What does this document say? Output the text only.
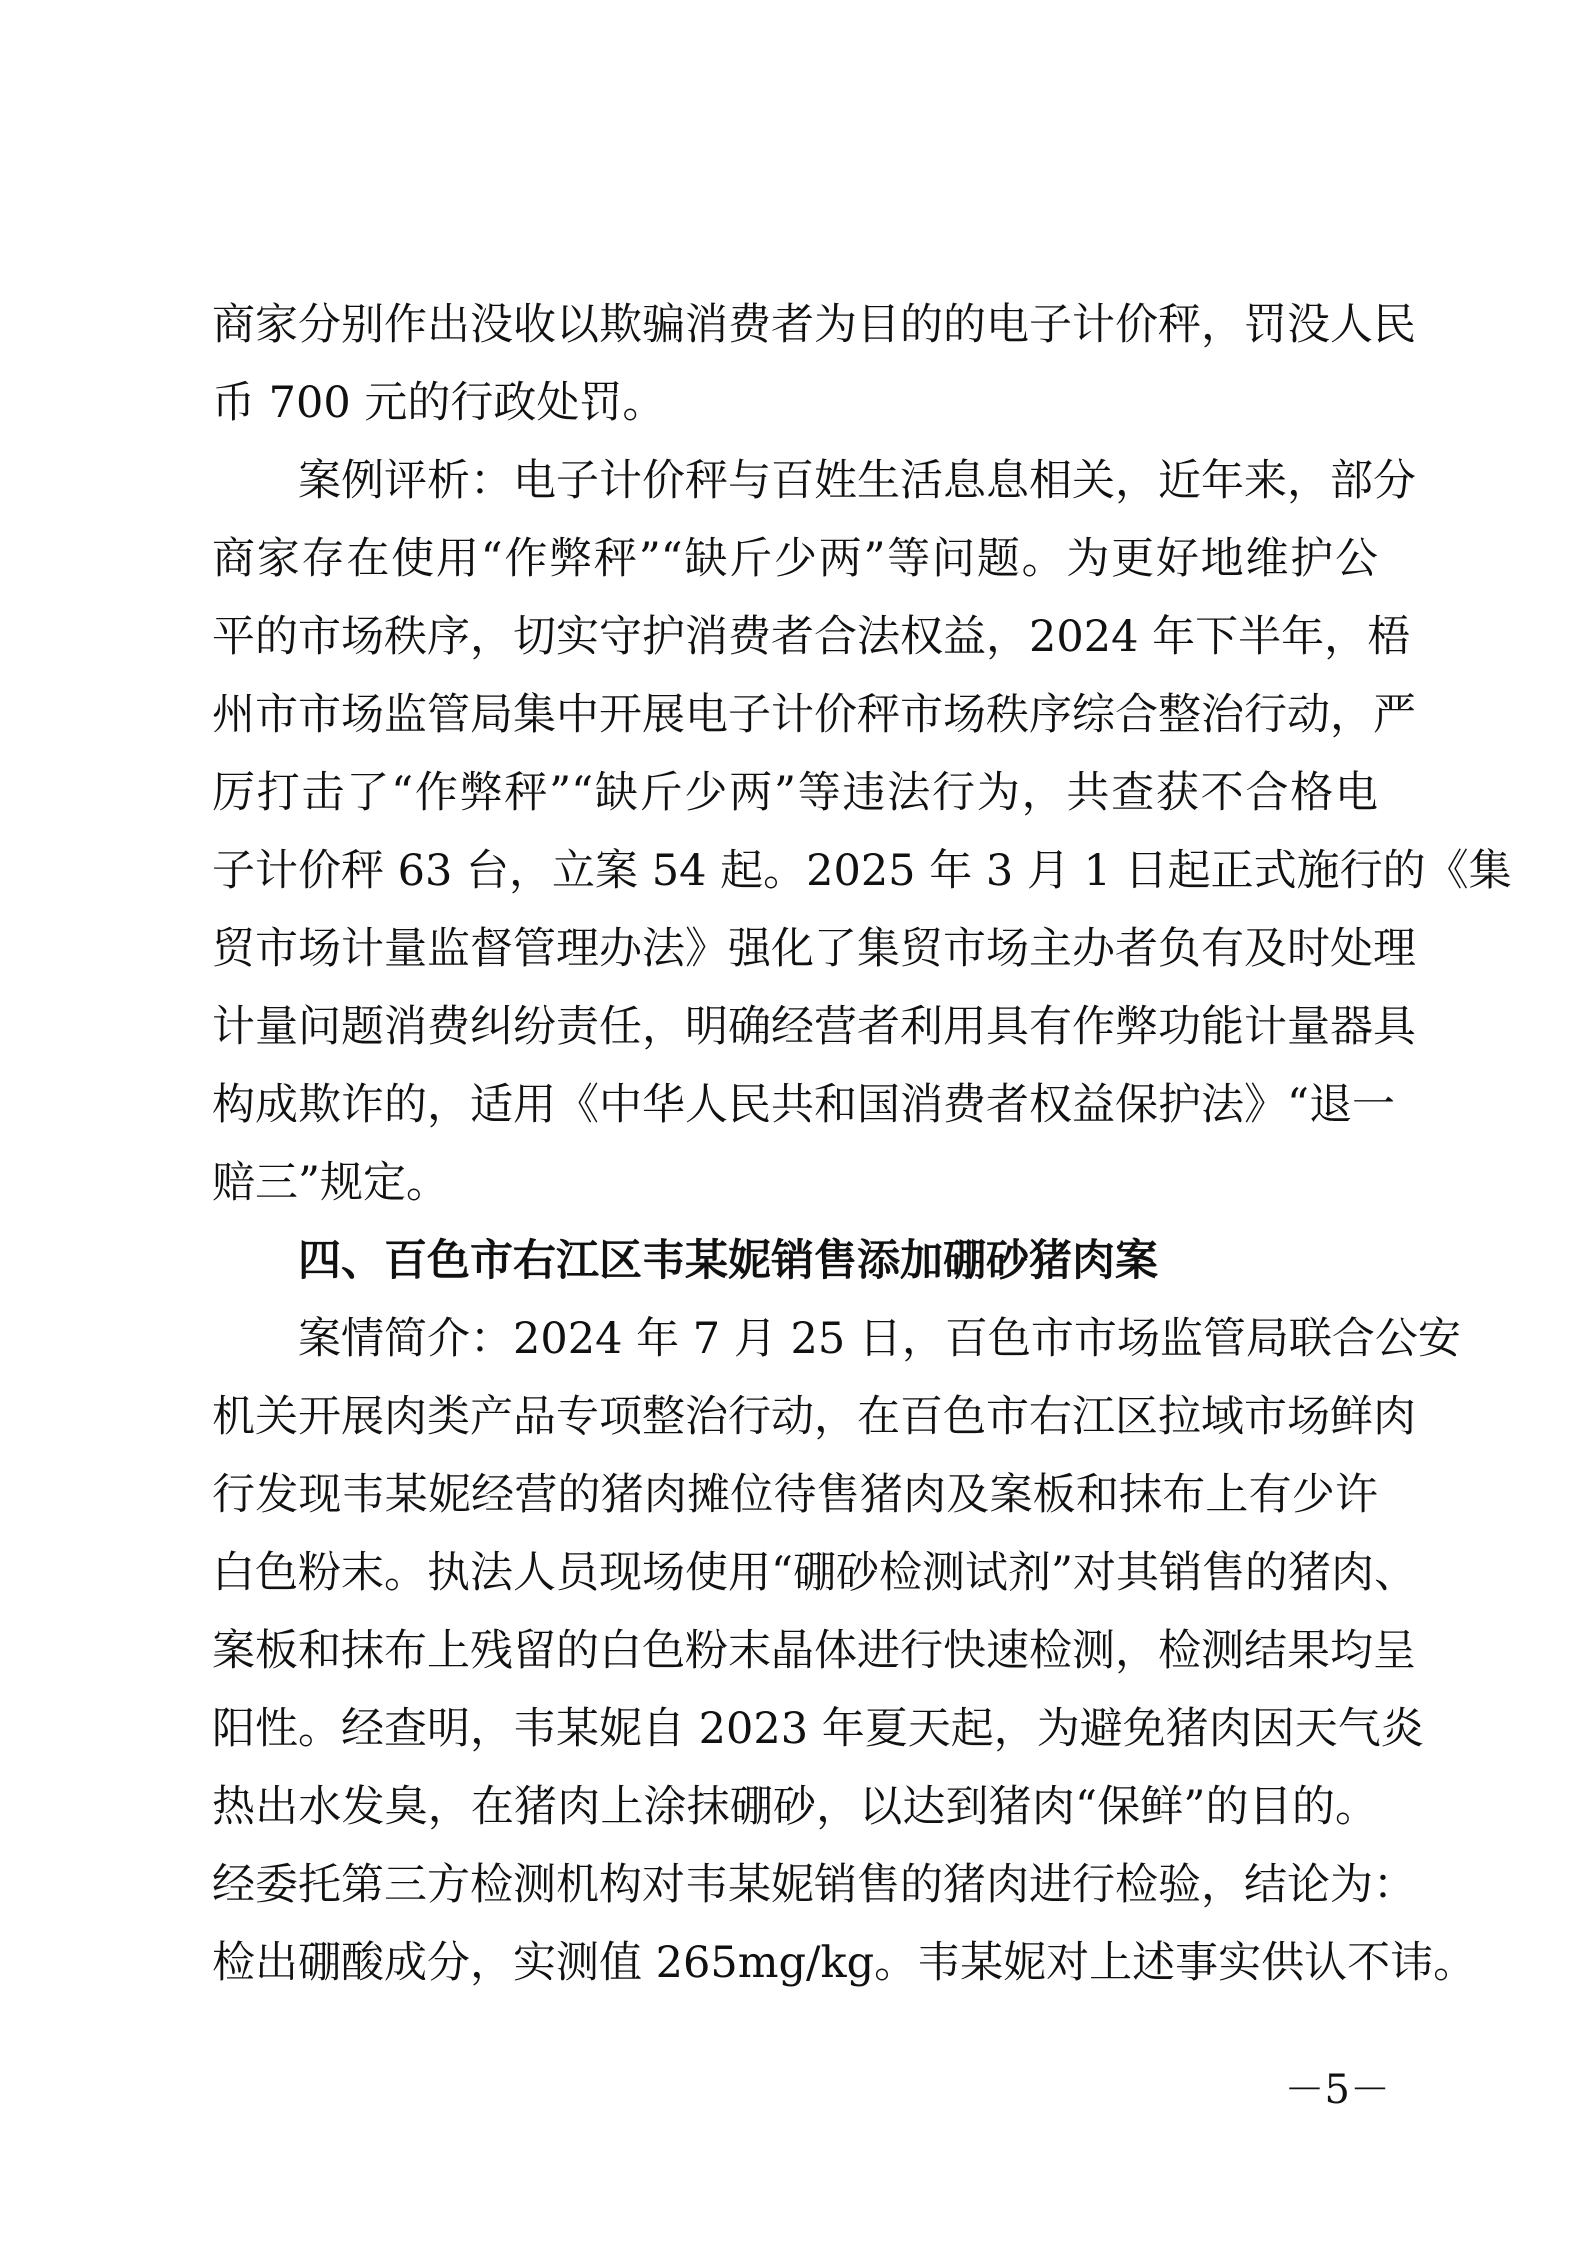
商家分别作出没收以欺骗消费者为目的的电子计价秤，罚没人民
币 700 元的行政处罚。
案例评析：电子计价秤与百姓生活息息相关，近年来，部分
商家存在使用“作弊秤”“缺斤少两”等问题。为更好地维护公
平的市场秩序，切实守护消费者合法权益，2024 年下半年，梧
州市市场监管局集中开展电子计价秤市场秩序综合整治行动，严
厉打击了“作弊秤”“缺斤少两”等违法行为，共查获不合格电
子计价秤 63 台，立案 54 起。2025 年 3 月 1 日起正式施行的《集
贸市场计量监督管理办法》强化了集贸市场主办者负有及时处理
计量问题消费纠纷责任，明确经营者利用具有作弊功能计量器具
构成欺诈的，适用《中华人民共和国消费者权益保护法》“退一
赔三”规定。
四、百色市右江区韦某妮销售添加硼砂猪肉案
案情简介：2024 年 7 月 25 日，百色市市场监管局联合公安
机关开展肉类产品专项整治行动，在百色市右江区拉域市场鲜肉
行发现韦某妮经营的猪肉摊位待售猪肉及案板和抹布上有少许
白色粉末。执法人员现场使用“硼砂检测试剂”对其销售的猪肉、
案板和抹布上残留的白色粉末晶体进行快速检测，检测结果均呈
阳性。经查明，韦某妮自 2023 年夏天起，为避免猪肉因天气炎
热出水发臭，在猪肉上涂抹硼砂，以达到猪肉“保鲜”的目的。
经委托第三方检测机构对韦某妮销售的猪肉进行检验，结论为：
检出硼酸成分，实测值 265mg/kg。韦某妮对上述事实供认不讳。
－5－
